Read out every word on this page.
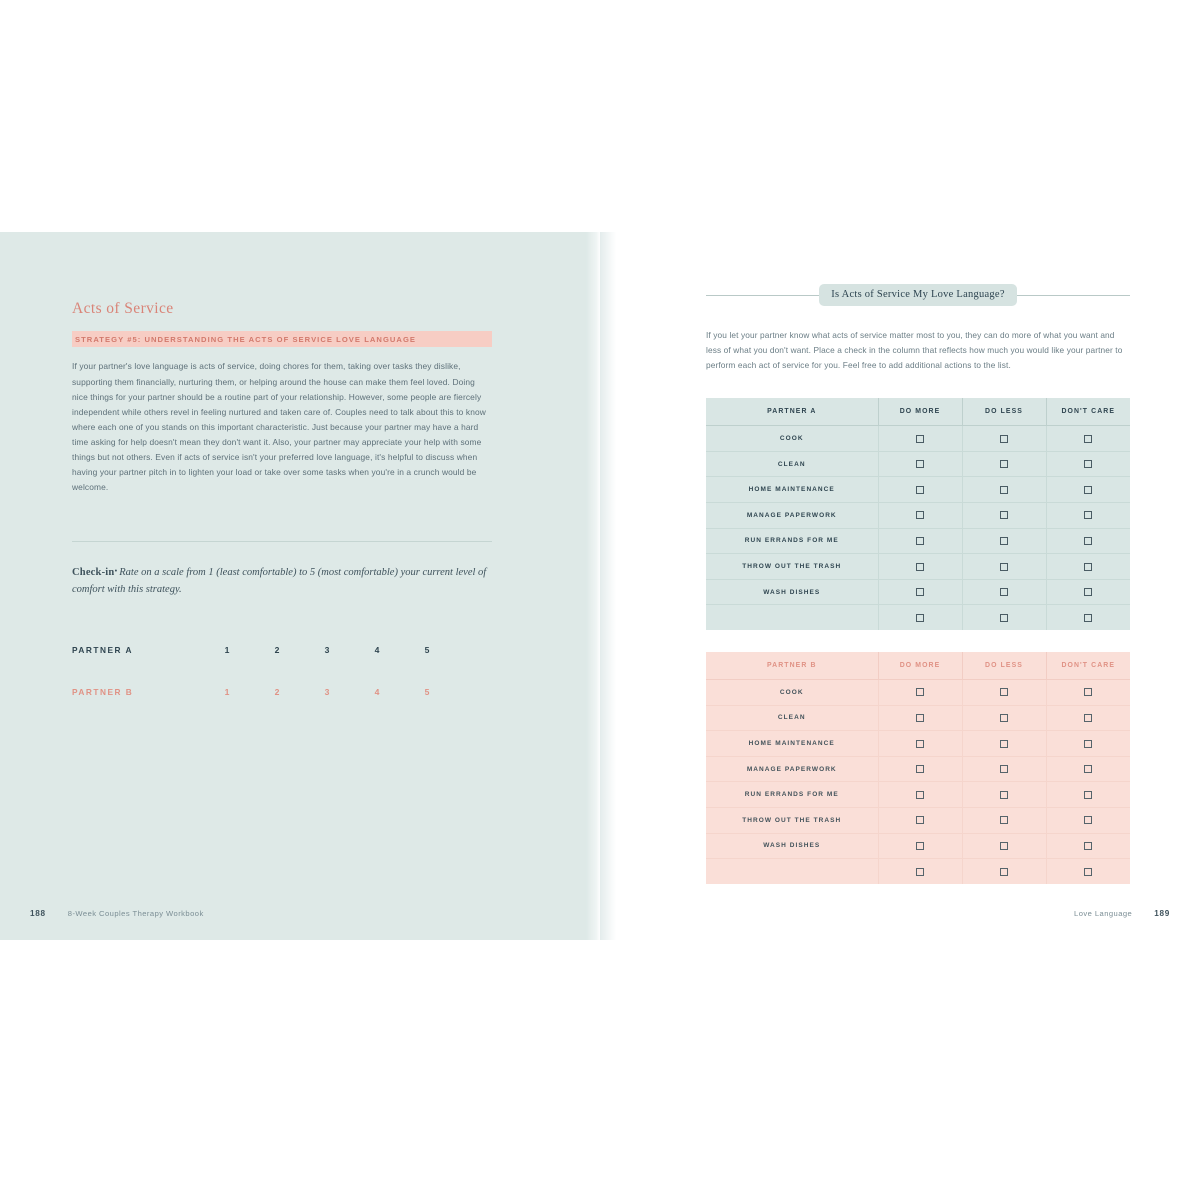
Acts of Service
STRATEGY #5: UNDERSTANDING THE ACTS OF SERVICE LOVE LANGUAGE

If your partner's love language is acts of service, doing chores for them, taking over tasks they dislike, supporting them financially, nurturing them, or helping around the house can make them feel loved. Doing nice things for your partner should be a routine part of your relationship. However, some people are fiercely independent while others revel in feeling nurtured and taken care of. Couples need to talk about this to know where each one of you stands on this important characteristic. Just because your partner may have a hard time asking for help doesn't mean they don't want it. Also, your partner may appreciate your help with some things but not others. Even if acts of service isn't your preferred love language, it's helpful to discuss when having your partner pitch in to lighten your load or take over some tasks when you're in a crunch would be welcome.

Check-in•Rate on a scale from 1 (least comfortable) to 5 (most comfortable) your current level of comfort with this strategy.

PARTNER A	1	2	3	4	5
PARTNER B	1	2	3	4	5
188	8-Week Couples Therapy Workbook
Is Acts of Service My Love Language?

If you let your partner know what acts of service matter most to you, they can do more of what you want and less of what you don't want. Place a check in the column that reflects how much you would like your partner to perform each act of service for you. Feel free to add additional actions to the list.

PARTNER A	DO MORE	DO LESS	DON'T CARE
COOK			
CLEAN			
HOME MAINTENANCE			
MANAGE PAPERWORK			
RUN ERRANDS FOR ME			
THROW OUT THE TRASH			
WASH DISHES			

PARTNER B	DO MORE	DO LESS	DON'T CARE
COOK			
CLEAN			
HOME MAINTENANCE			
MANAGE PAPERWORK			
RUN ERRANDS FOR ME			
THROW OUT THE TRASH			
WASH DISHES			

Love Language	189
